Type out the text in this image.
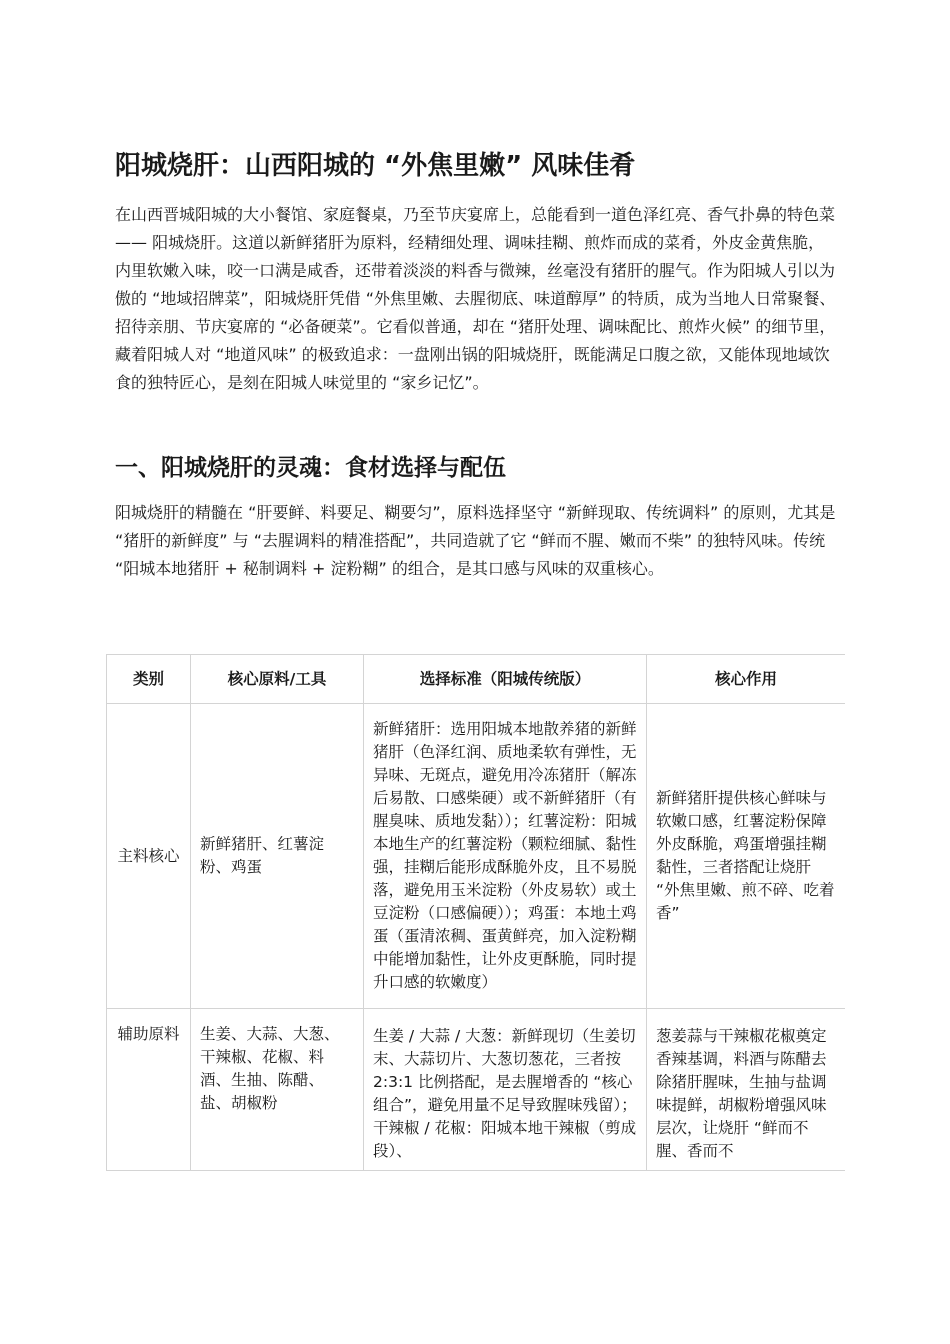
阳城烧肝：山西阳城的 “外焦里嫩” 风味佳肴

在山西晋城阳城的大小餐馆、家庭餐桌，乃至节庆宴席上，总能看到一道色泽红亮、香气扑鼻的特色菜 —— 阳城烧肝。这道以新鲜猪肝为原料，经精细处理、调味挂糊、煎炸而成的菜肴，外皮金黄焦脆，内里软嫩入味，咬一口满是咸香，还带着淡淡的料香与微辣，丝毫没有猪肝的腥气。作为阳城人引以为傲的 “地域招牌菜”，阳城烧肝凭借 “外焦里嫩、去腥彻底、味道醇厚” 的特质，成为当地人日常聚餐、招待亲朋、节庆宴席的 “必备硬菜”。它看似普通，却在 “猪肝处理、调味配比、煎炸火候” 的细节里，藏着阳城人对 “地道风味” 的极致追求：一盘刚出锅的阳城烧肝，既能满足口腹之欲，又能体现地域饮食的独特匠心，是刻在阳城人味觉里的 “家乡记忆”。

一、阳城烧肝的灵魂：食材选择与配伍

阳城烧肝的精髓在 “肝要鲜、料要足、糊要匀”，原料选择坚守 “新鲜现取、传统调料” 的原则，尤其是 “猪肝的新鲜度” 与 “去腥调料的精准搭配”，共同造就了它 “鲜而不腥、嫩而不柴” 的独特风味。传统 “阳城本地猪肝 + 秘制调料 + 淀粉糊” 的组合，是其口感与风味的双重核心。

类别	核心原料/工具	选择标准（阳城传统版）	核心作用
主料核心	新鲜猪肝、红薯淀粉、鸡蛋	新鲜猪肝：选用阳城本地散养猪的新鲜猪肝（色泽红润、质地柔软有弹性，无异味、无斑点，避免用冷冻猪肝（解冻后易散、口感柴硬）或不新鲜猪肝（有腥臭味、质地发黏））；红薯淀粉：阳城本地生产的红薯淀粉（颗粒细腻、黏性强，挂糊后能形成酥脆外皮，且不易脱落，避免用玉米淀粉（外皮易软）或土豆淀粉（口感偏硬））；鸡蛋：本地土鸡蛋（蛋清浓稠、蛋黄鲜亮，加入淀粉糊中能增加黏性，让外皮更酥脆，同时提升口感的软嫩度）	新鲜猪肝提供核心鲜味与软嫩口感，红薯淀粉保障外皮酥脆，鸡蛋增强挂糊黏性，三者搭配让烧肝 “外焦里嫩、煎不碎、吃着香”
辅助原料	生姜、大蒜、大葱、干辣椒、花椒、料酒、生抽、陈醋、盐、胡椒粉	生姜 / 大蒜 / 大葱：新鲜现切（生姜切末、大蒜切片、大葱切葱花，三者按 2:3:1 比例搭配，是去腥增香的 “核心组合”，避免用量不足导致腥味残留）；干辣椒 / 花椒：阳城本地干辣椒（剪成段）、	葱姜蒜与干辣椒花椒奠定香辣基调，料酒与陈醋去除猪肝腥味，生抽与盐调味提鲜，胡椒粉增强风味层次，让烧肝 “鲜而不腥、香而不
